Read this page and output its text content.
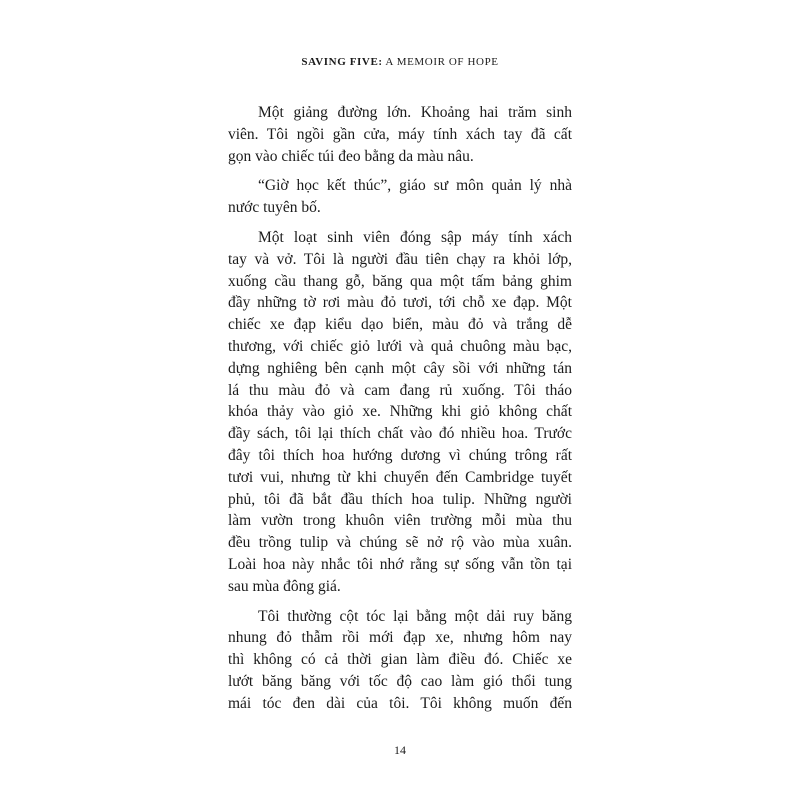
SAVING FIVE: A MEMOIR OF HOPE
Một giảng đường lớn. Khoảng hai trăm sinh
viên. Tôi ngồi gần cửa, máy tính xách tay đã cất
gọn vào chiếc túi đeo bằng da màu nâu.
“Giờ học kết thúc”, giáo sư môn quản lý nhà
nước tuyên bố.
Một loạt sinh viên đóng sập máy tính xách
tay và vở. Tôi là người đầu tiên chạy ra khỏi lớp,
xuống cầu thang gỗ, băng qua một tấm bảng ghim
đầy những tờ rơi màu đỏ tươi, tới chỗ xe đạp. Một
chiếc xe đạp kiểu dạo biển, màu đỏ và trắng dễ
thương, với chiếc giỏ lưới và quả chuông màu bạc,
dựng nghiêng bên cạnh một cây sồi với những tán
lá thu màu đỏ và cam đang rủ xuống. Tôi tháo
khóa thảy vào giỏ xe. Những khi giỏ không chất
đầy sách, tôi lại thích chất vào đó nhiều hoa. Trước
đây tôi thích hoa hướng dương vì chúng trông rất
tươi vui, nhưng từ khi chuyển đến Cambridge tuyết
phủ, tôi đã bắt đầu thích hoa tulip. Những người
làm vườn trong khuôn viên trường mỗi mùa thu
đều trồng tulip và chúng sẽ nở rộ vào mùa xuân.
Loài hoa này nhắc tôi nhớ rằng sự sống vẫn tồn tại
sau mùa đông giá.
Tôi thường cột tóc lại bằng một dải ruy băng
nhung đỏ thẫm rồi mới đạp xe, nhưng hôm nay
thì không có cả thời gian làm điều đó. Chiếc xe
lướt băng băng với tốc độ cao làm gió thổi tung
mái tóc đen dài của tôi. Tôi không muốn đến
14
